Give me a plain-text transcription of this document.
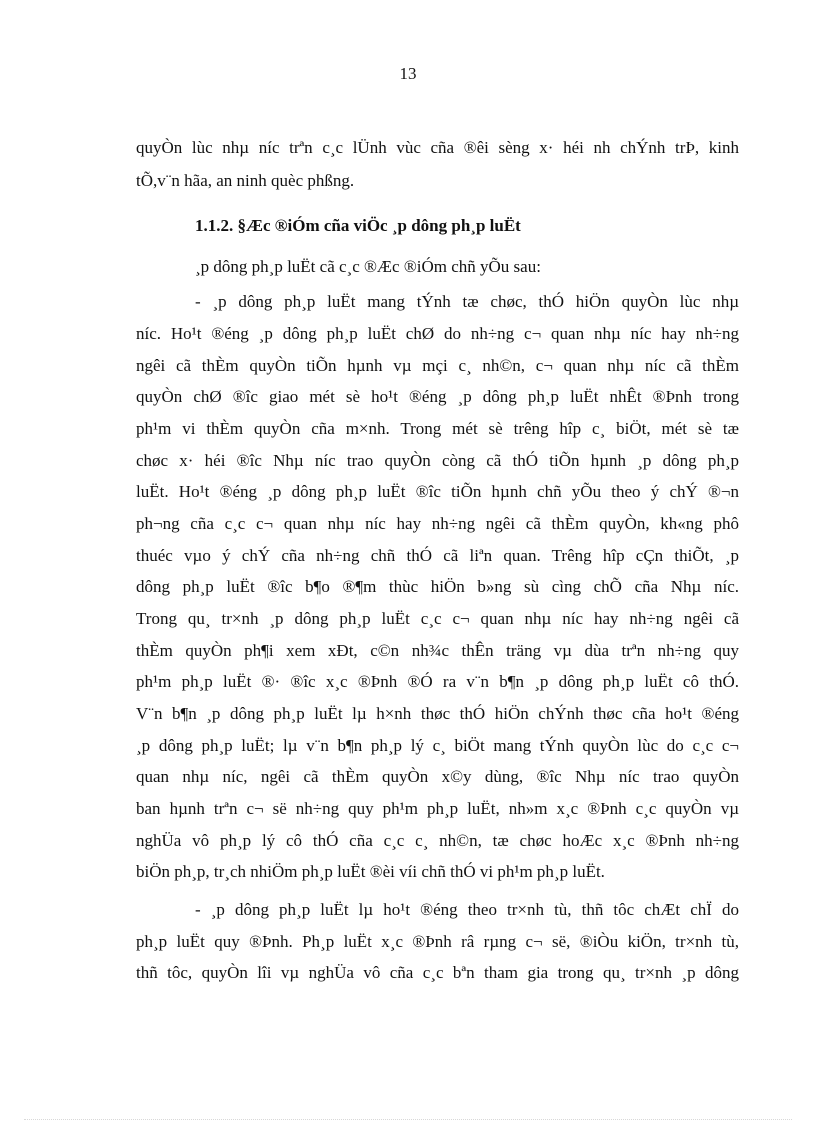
13
quyÒn lùc nhµ níc trªn c¸c lÜnh vùc cña ®êi sèng x· héi nh chÝnh trÞ, kinh
tÕ,v¨n hãa, an ninh quèc phßng.
1.1.2. §Æc ®iÓm cña viÖc ¸p dông ph¸p luËt
¸p dông ph¸p luËt cã c¸c ®Æc ®iÓm chñ yÕu sau:
- ¸p dông ph¸p luËt mang tÝnh tæ chøc, thÓ hiÖn quyÒn lùc nhµ
níc. Ho¹t ®éng ¸p dông ph¸p luËt chØ do nh÷ng c¬ quan nhµ níc hay nh÷ng
ngêi cã thÈm quyÒn tiÕn hµnh vµ mçi c¸ nh©n, c¬ quan nhµ níc cã thÈm
quyÒn chØ ®îc giao mét sè ho¹t ®éng ¸p dông ph¸p luËt nhÊt ®Þnh trong
ph¹m vi thÈm quyÒn cña m×nh. Trong mét sè trêng hîp c¸ biÖt, mét sè tæ
chøc x· héi ®îc Nhµ níc trao quyÒn còng cã thÓ tiÕn hµnh ¸p dông ph¸p
luËt. Ho¹t ®éng ¸p dông ph¸p luËt ®îc tiÕn hµnh chñ yÕu theo ý chÝ ®¬n
ph¬ng cña c¸c c¬ quan nhµ níc hay nh÷ng ngêi cã thÈm quyÒn, kh«ng phô
thuéc vµo ý chÝ cña nh÷ng chñ thÓ cã liªn quan. Trêng hîp cÇn thiÕt, ¸p
dông ph¸p luËt ®îc b¶o ®¶m thùc hiÖn b»ng sù cìng chÕ cña Nhµ níc.
Trong qu¸ tr×nh ¸p dông ph¸p luËt c¸c c¬ quan nhµ níc hay nh÷ng ngêi cã
thÈm quyÒn ph¶i xem xÐt, c©n nh¾c thÊn träng vµ dùa trªn nh÷ng quy
ph¹m ph¸p luËt ®· ®îc x¸c ®Þnh ®Ó ra v¨n b¶n ¸p dông ph¸p luËt cô thÓ.
V¨n b¶n ¸p dông ph¸p luËt lµ h×nh thøc thÓ hiÖn chÝnh thøc cña ho¹t ®éng
¸p dông ph¸p luËt; lµ v¨n b¶n ph¸p lý c¸ biÖt mang tÝnh quyÒn lùc do c¸c c¬
quan nhµ níc, ngêi cã thÈm quyÒn x©y dùng, ®îc Nhµ níc trao quyÒn
ban hµnh trªn c¬ së nh÷ng quy ph¹m ph¸p luËt, nh»m x¸c ®Þnh c¸c quyÒn vµ
nghÜa vô ph¸p lý cô thÓ cña c¸c c¸ nh©n, tæ chøc hoÆc x¸c ®Þnh nh÷ng
biÖn ph¸p, tr¸ch nhiÖm ph¸p luËt ®èi víi chñ thÓ vi ph¹m ph¸p luËt.
- ¸p dông ph¸p luËt lµ ho¹t ®éng theo tr×nh tù, thñ tôc chÆt chÏ do
ph¸p luËt quy ®Þnh. Ph¸p luËt x¸c ®Þnh râ rµng c¬ së, ®iÒu kiÖn, tr×nh tù,
thñ tôc, quyÒn lîi vµ nghÜa vô cña c¸c bªn tham gia trong qu¸ tr×nh ¸p dông
